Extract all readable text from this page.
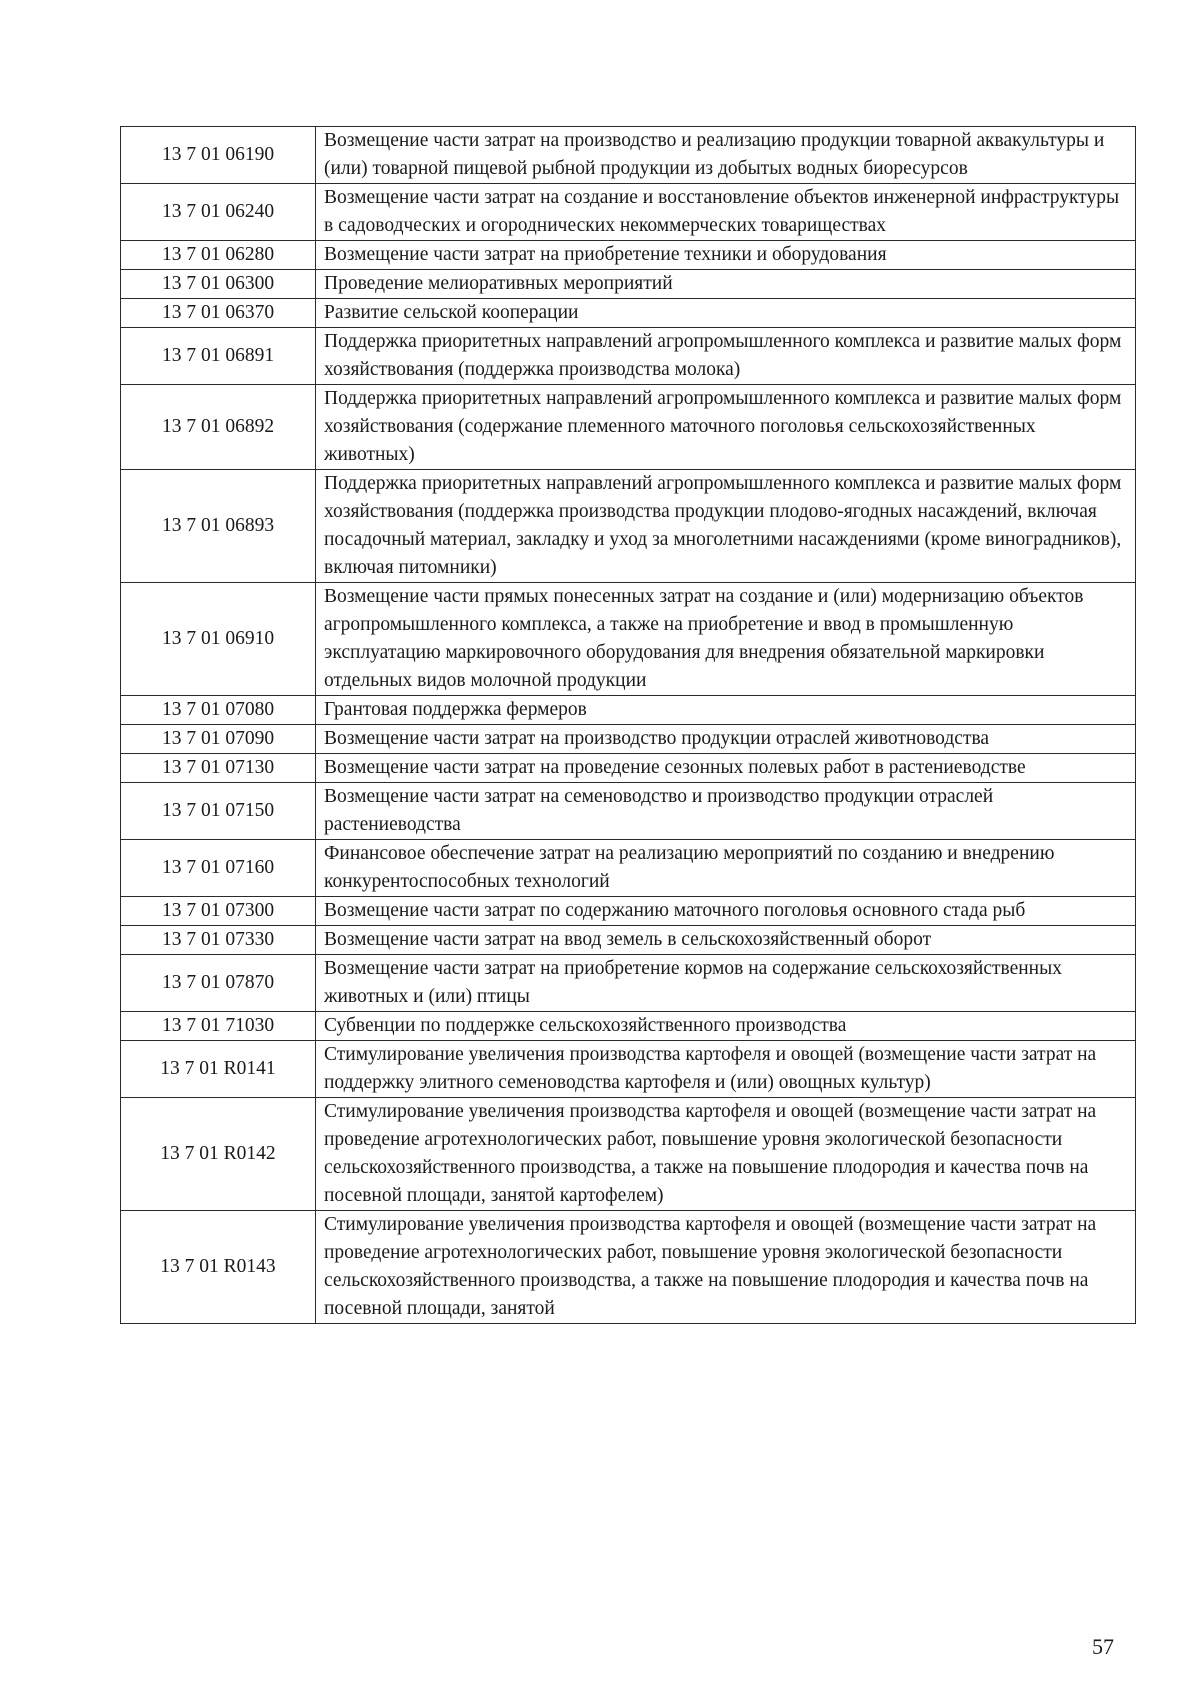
13 7 01 06190	Возмещение части затрат на производство и реализацию продукции товарной аквакультуры и (или) товарной пищевой рыбной продукции из добытых водных биоресурсов
13 7 01 06240	Возмещение части затрат на создание и восстановление объектов инженерной инфраструктуры в садоводческих и огороднических некоммерческих товариществах
13 7 01 06280	Возмещение части затрат на приобретение техники и оборудования
13 7 01 06300	Проведение мелиоративных мероприятий
13 7 01 06370	Развитие сельской кооперации
13 7 01 06891	Поддержка приоритетных направлений агропромышленного комплекса и развитие малых форм хозяйствования (поддержка производства молока)
13 7 01 06892	Поддержка приоритетных направлений агропромышленного комплекса и развитие малых форм хозяйствования (содержание племенного маточного поголовья сельскохозяйственных животных)
13 7 01 06893	Поддержка приоритетных направлений агропромышленного комплекса и развитие малых форм хозяйствования (поддержка производства продукции плодово-ягодных насаждений, включая посадочный материал, закладку и уход за многолетними насаждениями (кроме виноградников), включая питомники)
13 7 01 06910	Возмещение части прямых понесенных затрат на создание и (или) модернизацию объектов агропромышленного комплекса, а также на приобретение и ввод в промышленную эксплуатацию маркировочного оборудования для внедрения обязательной маркировки отдельных видов молочной продукции
13 7 01 07080	Грантовая поддержка фермеров
13 7 01 07090	Возмещение части затрат на производство продукции отраслей животноводства
13 7 01 07130	Возмещение части затрат на проведение сезонных полевых работ в растениеводстве
13 7 01 07150	Возмещение части затрат на семеноводство и производство продукции отраслей растениеводства
13 7 01 07160	Финансовое обеспечение затрат на реализацию мероприятий по созданию и внедрению конкурентоспособных технологий
13 7 01 07300	Возмещение части затрат по содержанию маточного поголовья основного стада рыб
13 7 01 07330	Возмещение части затрат на ввод земель в сельскохозяйственный оборот
13 7 01 07870	Возмещение части затрат на приобретение кормов на содержание сельскохозяйственных животных и (или) птицы
13 7 01 71030	Субвенции по поддержке сельскохозяйственного производства
13 7 01 R0141	Стимулирование увеличения производства картофеля и овощей (возмещение части затрат на поддержку элитного семеноводства картофеля и (или) овощных культур)
13 7 01 R0142	Стимулирование увеличения производства картофеля и овощей (возмещение части затрат на проведение агротехнологических работ, повышение уровня экологической безопасности сельскохозяйственного производства, а также на повышение плодородия и качества почв на посевной площади, занятой картофелем)
13 7 01 R0143	Стимулирование увеличения производства картофеля и овощей (возмещение части затрат на проведение агротехнологических работ, повышение уровня экологической безопасности сельскохозяйственного производства, а также на повышение плодородия и качества почв на посевной площади, занятой
57
